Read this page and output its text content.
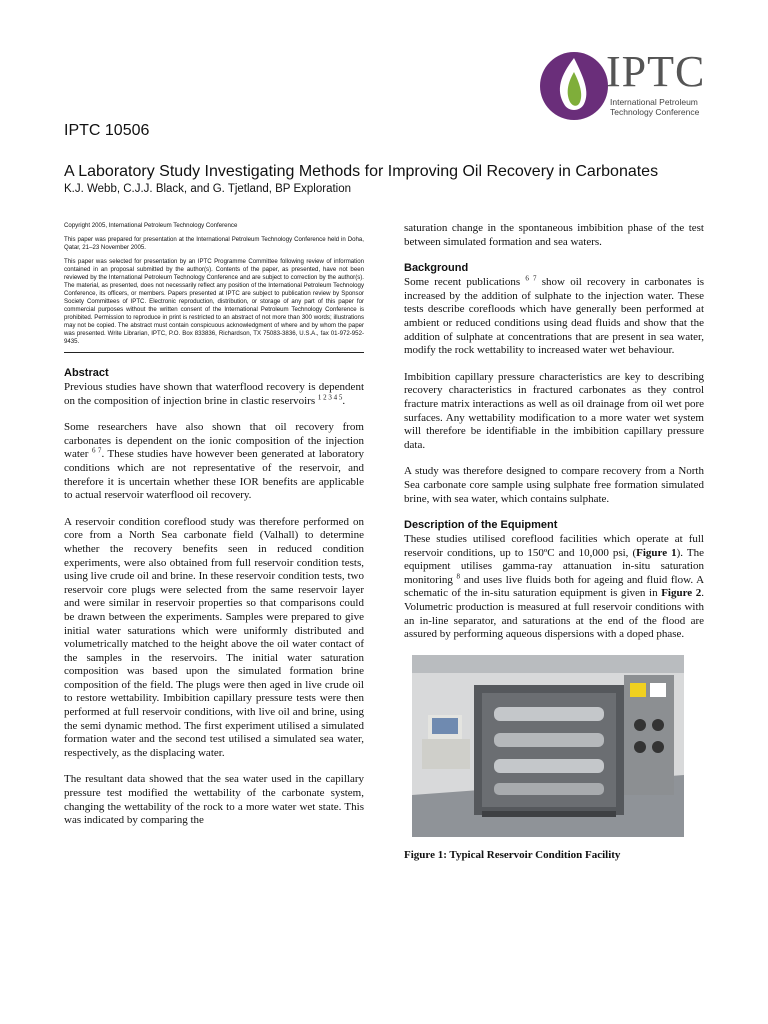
IPTC
International Petroleum
Technology Conference
IPTC 10506
A Laboratory Study Investigating Methods for Improving Oil Recovery in Carbonates
K.J. Webb, C.J.J. Black, and G. Tjetland, BP Exploration

Copyright 2005, International Petroleum Technology Conference

This paper was prepared for presentation at the International Petroleum Technology Conference held in Doha, Qatar, 21–23 November 2005.

This paper was selected for presentation by an IPTC Programme Committee following review of information contained in an proposal submitted by the author(s). Contents of the paper, as presented, have not been reviewed by the International Petroleum Technology Conference and are subject to correction by the author(s). The material, as presented, does not necessarily reflect any position of the International Petroleum Technology Conference, its officers, or members. Papers presented at IPTC are subject to publication review by Sponsor Society Committees of IPTC. Electronic reproduction, distribution, or storage of any part of this paper for commercial purposes without the written consent of the International Petroleum Technology Conference is prohibited. Permission to reproduce in print is restricted to an abstract of not more than 300 words; illustrations may not be copied. The abstract must contain conspicuous acknowledgment of where and by whom the paper was presented. Write Librarian, IPTC, P.O. Box 833836, Richardson, TX 75083-3836, U.S.A., fax 01-972-952-9435.

Abstract

Previous studies have shown that waterflood recovery is dependent on the composition of injection brine in clastic reservoirs $^{1 2 3 4 5}$.

Some researchers have also shown that oil recovery from carbonates is dependent on the ionic composition of the injection water $^{6 7}$. These studies have however been generated at laboratory conditions which are not representative of the reservoir, and therefore it is uncertain whether these IOR benefits are applicable to actual reservoir waterflood oil recovery.

A reservoir condition coreflood study was therefore performed on core from a North Sea carbonate field (Valhall) to determine whether the recovery benefits seen in reduced condition experiments, were also obtained from full reservoir condition tests, using live crude oil and brine. In these reservoir condition tests, two reservoir core plugs were selected from the same reservoir layer and were similar in reservoir properties so that comparisons could be drawn between the experiments. Samples were prepared to give initial water saturations which were uniformly distributed and volumetrically matched to the height above the oil water contact of the samples in the reservoirs. The initial water saturation composition was based upon the simulated formation brine composition of the field. The plugs were then aged in live crude oil to restore wettability. Imbibition capillary pressure tests were then performed at full reservoir conditions, with live oil and brine, using the semi dynamic method. The first experiment utilised a simulated formation water and the second test utilised a simulated sea water, respectively, as the displacing water.

The resultant data showed that the sea water used in the capillary pressure test modified the wettability of the carbonate system, changing the wettability of the rock to a more water wet state. This was indicated by comparing the

saturation change in the spontaneous imbibition phase of the test between simulated formation and sea waters.

Background

Some recent publications $^{6 7}$ show oil recovery in carbonates is increased by the addition of sulphate to the injection water. These tests describe corefloods which have generally been performed at ambient or reduced conditions using dead fluids and show that the addition of sulphate at concentrations that are present in sea water, modify the rock wettability to increased water wet behaviour.

Imbibition capillary pressure characteristics are key to describing recovery characteristics in fractured carbonates as they control fracture matrix interactions as well as oil drainage from oil wet pore surfaces. Any wettability modification to a more water wet system will therefore be identifiable in the imbibition capillary pressure data.

A study was therefore designed to compare recovery from a North Sea carbonate core sample using sulphate free formation simulated brine, with sea water, which contains sulphate.

Description of the Equipment

These studies utilised coreflood facilities which operate at full reservoir conditions, up to 150ºC and 10,000 psi, (Figure 1). The equipment utilises gamma-ray attanuation in-situ saturation monitoring $^8$ and uses live fluids both for ageing and fluid flow. A schematic of the in-situ saturation equipment is given in Figure 2. Volumetric production is measured at full reservoir conditions with an in-line separator, and saturations at the end of the flood are assured by performing aqueous dispersions with a doped phase.

Figure 1: Typical Reservoir Condition Facility
